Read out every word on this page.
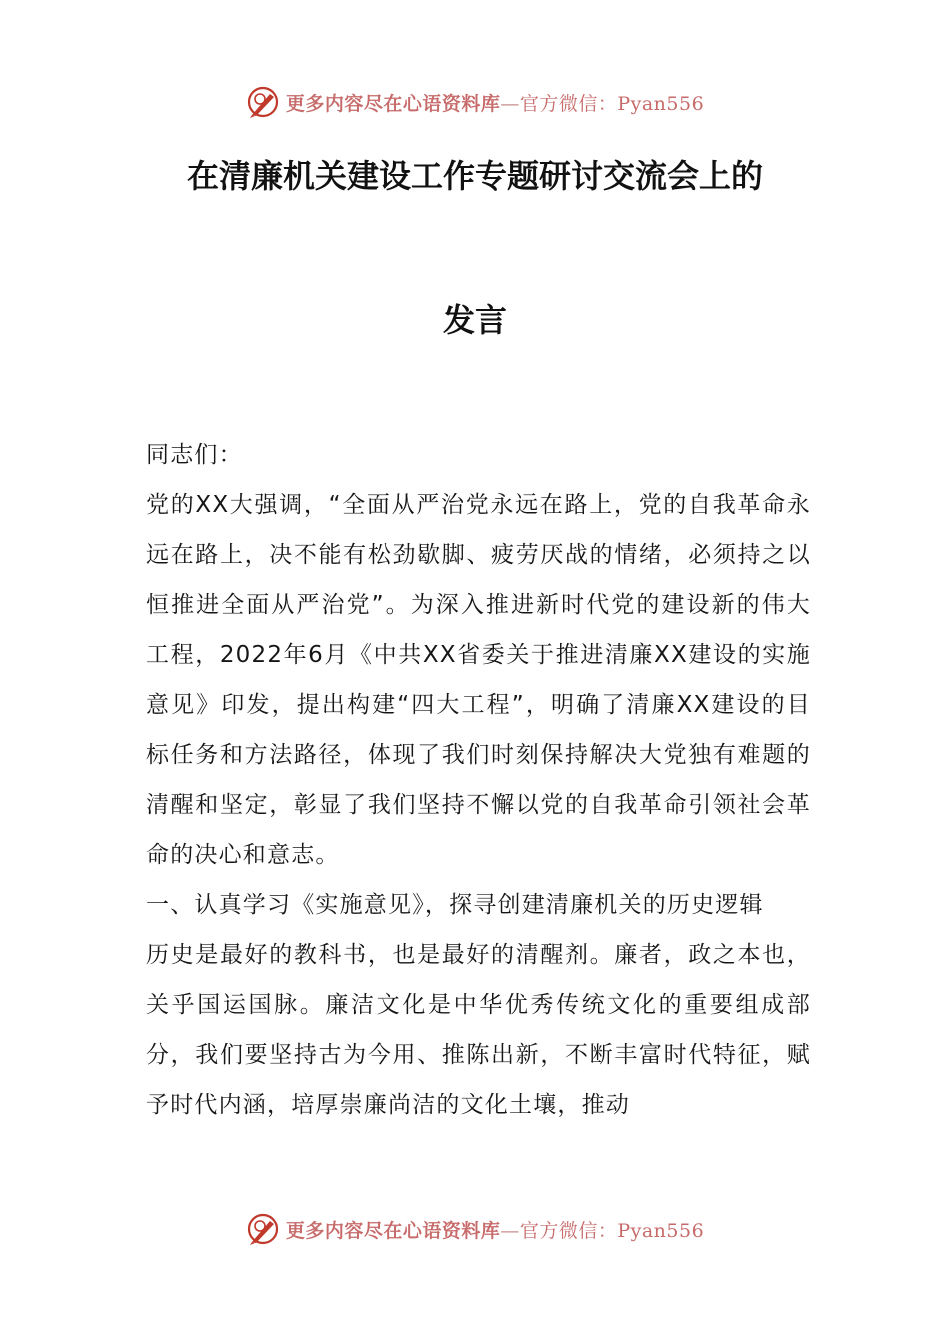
更多内容尽在心语资料库—官方微信：Pyan556
在清廉机关建设工作专题研讨交流会上的
发言

同志们：

党的XX大强调，“全面从严治党永远在路上，党的自我革命永远在路上，决不能有松劲歇脚、疲劳厌战的情绪，必须持之以恒推进全面从严治党”。为深入推进新时代党的建设新的伟大工程，2022年6月《中共XX省委关于推进清廉XX建设的实施意见》印发，提出构建“四大工程”，明确了清廉XX建设的目标任务和方法路径，体现了我们时刻保持解决大党独有难题的清醒和坚定，彰显了我们坚持不懈以党的自我革命引领社会革命的决心和意志。

一、认真学习《实施意见》，探寻创建清廉机关的历史逻辑

历史是最好的教科书，也是最好的清醒剂。廉者，政之本也，关乎国运国脉。廉洁文化是中华优秀传统文化的重要组成部分，我们要坚持古为今用、推陈出新，不断丰富时代特征，赋予时代内涵，培厚崇廉尚洁的文化土壤，推动

更多内容尽在心语资料库—官方微信：Pyan556
